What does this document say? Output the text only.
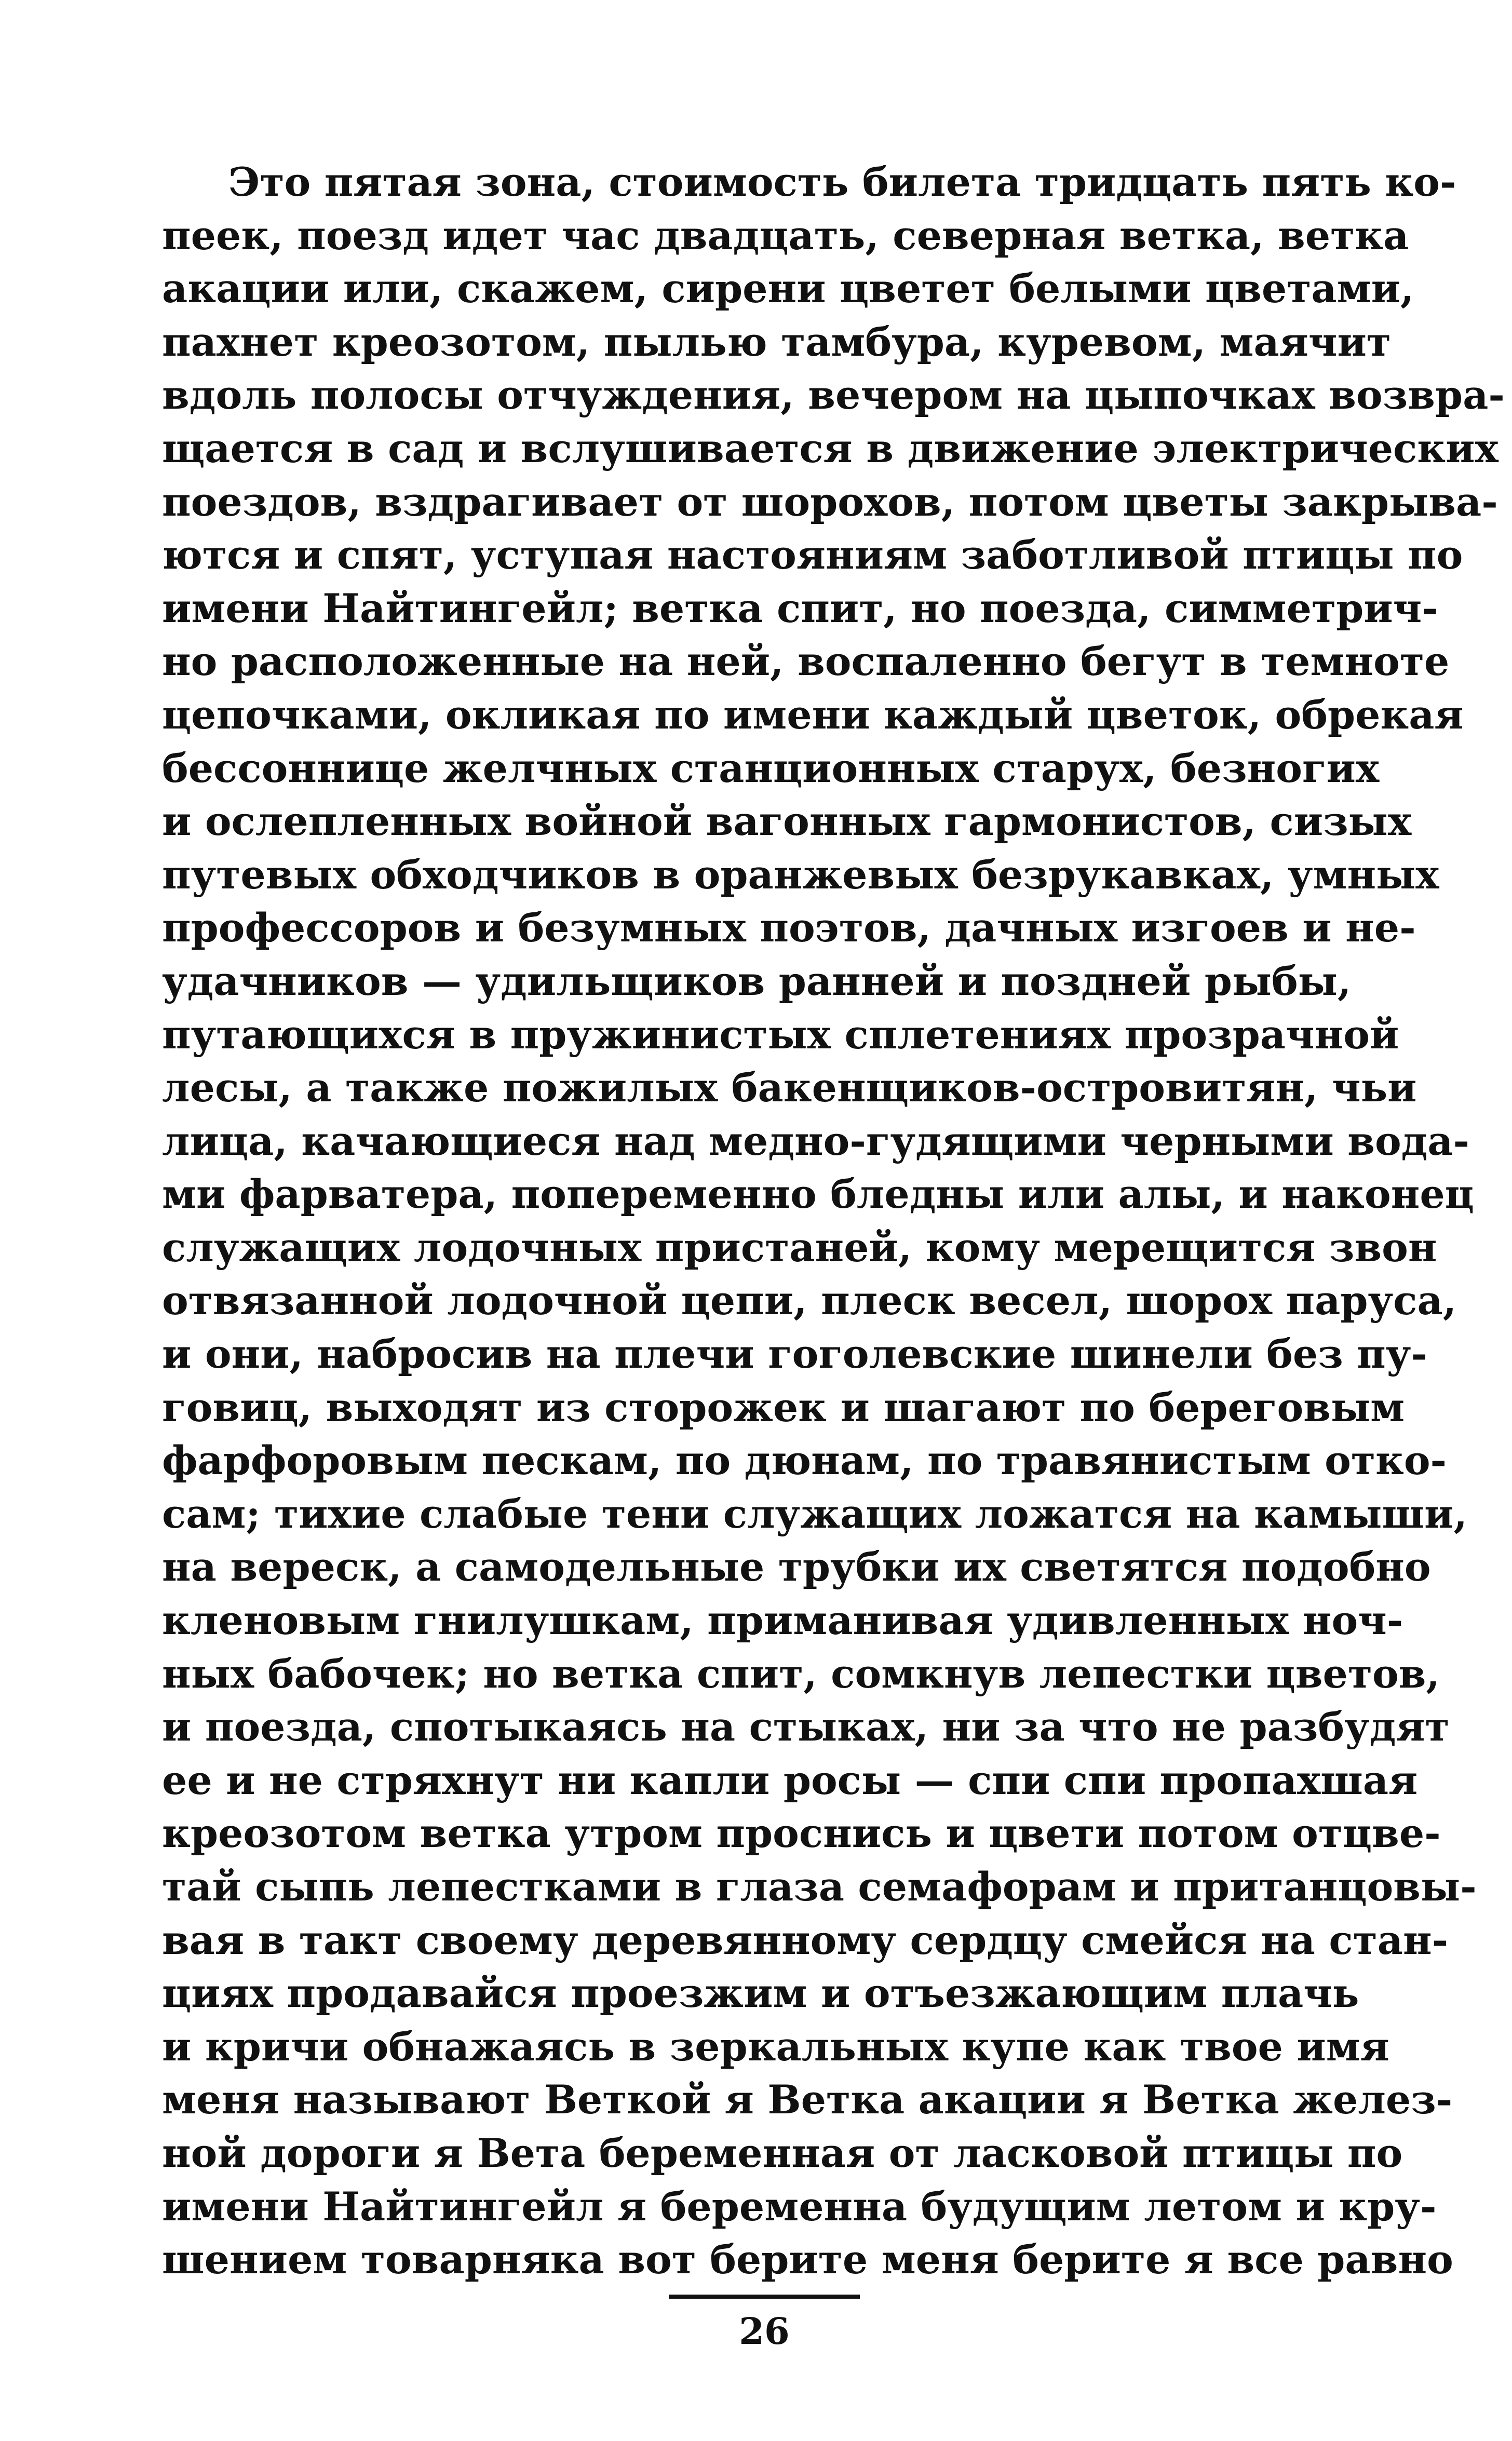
Это пятая зона, стоимость билета тридцать пять ко-
пеек, поезд идет час двадцать, северная ветка, ветка
акации или, скажем, сирени цветет белыми цветами,
пахнет креозотом, пылью тамбура, куревом, маячит
вдоль полосы отчуждения, вечером на цыпочках возвра-
щается в сад и вслушивается в движение электрических
поездов, вздрагивает от шорохов, потом цветы закрыва-
ются и спят, уступая настояниям заботливой птицы по
имени Найтингейл; ветка спит, но поезда, симметрич-
но расположенные на ней, воспаленно бегут в темноте
цепочками, окликая по имени каждый цветок, обрекая
бессоннице желчных станционных старух, безногих
и ослепленных войной вагонных гармонистов, сизых
путевых обходчиков в оранжевых безрукавках, умных
профессоров и безумных поэтов, дачных изгоев и не-
удачников — удильщиков ранней и поздней рыбы,
путающихся в пружинистых сплетениях прозрачной
лесы, а также пожилых бакенщиков-островитян, чьи
лица, качающиеся над медно-гудящими черными вода-
ми фарватера, попеременно бледны или алы, и наконец
служащих лодочных пристаней, кому мерещится звон
отвязанной лодочной цепи, плеск весел, шорох паруса,
и они, набросив на плечи гоголевские шинели без пу-
говиц, выходят из сторожек и шагают по береговым
фарфоровым пескам, по дюнам, по травянистым отко-
сам; тихие слабые тени служащих ложатся на камыши,
на вереск, а самодельные трубки их светятся подобно
кленовым гнилушкам, приманивая удивленных ноч-
ных бабочек; но ветка спит, сомкнув лепестки цветов,
и поезда, спотыкаясь на стыках, ни за что не разбудят
ее и не стряхнут ни капли росы — спи спи пропахшая
креозотом ветка утром проснись и цвети потом отцве-
тай сыпь лепестками в глаза семафорам и пританцовы-
вая в такт своему деревянному сердцу смейся на стан-
циях продавайся проезжим и отъезжающим плачь
и кричи обнажаясь в зеркальных купе как твое имя
меня называют Веткой я Ветка акации я Ветка желез-
ной дороги я Вета беременная от ласковой птицы по
имени Найтингейл я беременна будущим летом и кру-
шением товарняка вот берите меня берите я все равно
26
